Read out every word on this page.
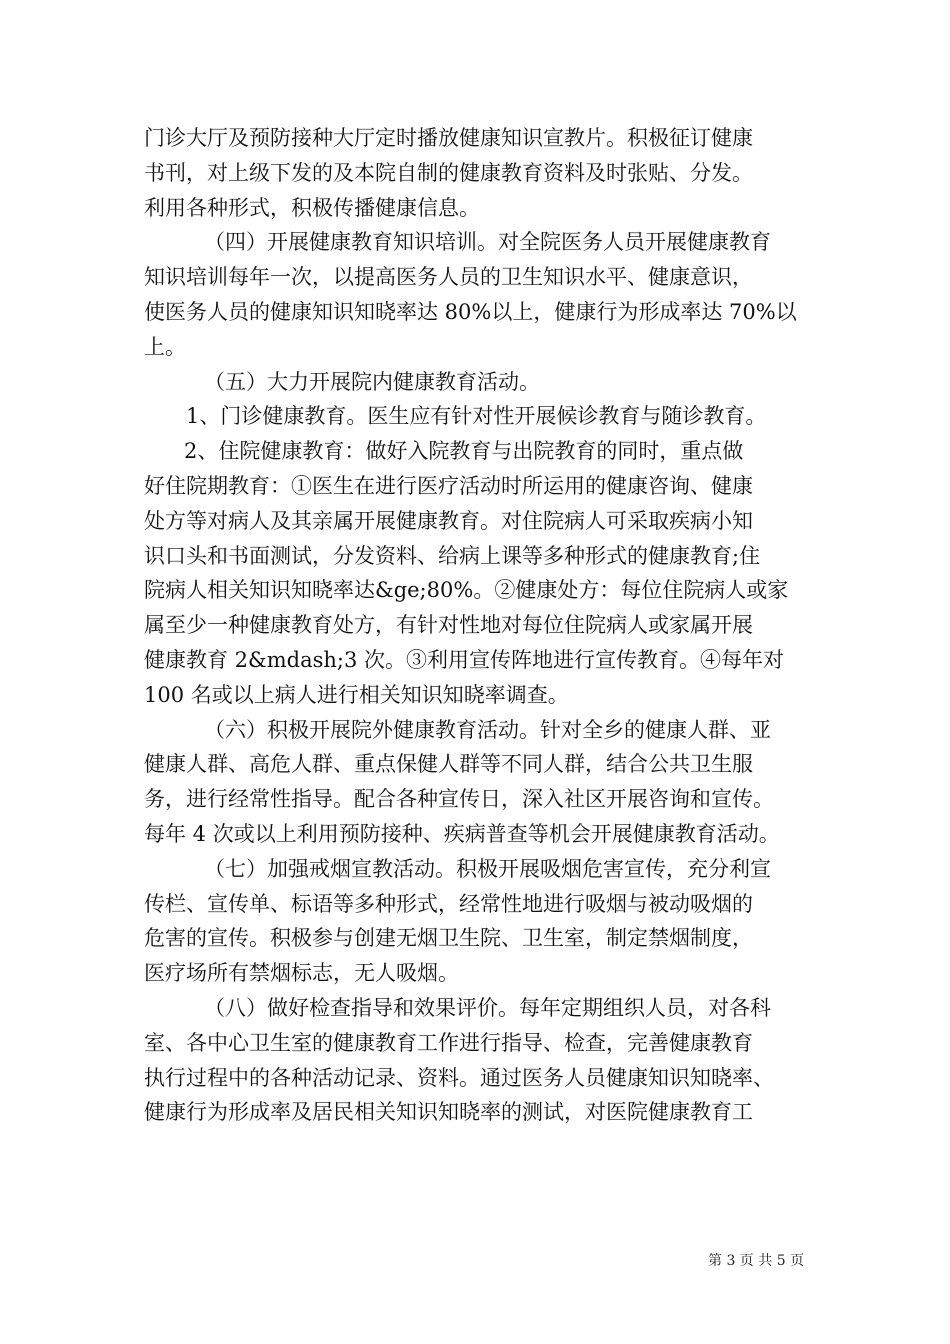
门诊大厅及预防接种大厅定时播放健康知识宣教片。积极征订健康
书刊，对上级下发的及本院自制的健康教育资料及时张贴、分发。
利用各种形式，积极传播健康信息。

（四）开展健康教育知识培训。对全院医务人员开展健康教育
知识培训每年一次，以提高医务人员的卫生知识水平、健康意识，
使医务人员的健康知识知晓率达 80%以上，健康行为形成率达 70%以
上。

（五）大力开展院内健康教育活动。

1、门诊健康教育。医生应有针对性开展候诊教育与随诊教育。

2、住院健康教育：做好入院教育与出院教育的同时，重点做
好住院期教育：①医生在进行医疗活动时所运用的健康咨询、健康
处方等对病人及其亲属开展健康教育。对住院病人可采取疾病小知
识口头和书面测试，分发资料、给病上课等多种形式的健康教育;住
院病人相关知识知晓率达&ge;80%。②健康处方：每位住院病人或家
属至少一种健康教育处方，有针对性地对每位住院病人或家属开展
健康教育 2&mdash;3 次。③利用宣传阵地进行宣传教育。④每年对
100 名或以上病人进行相关知识知晓率调查。

（六）积极开展院外健康教育活动。针对全乡的健康人群、亚
健康人群、高危人群、重点保健人群等不同人群，结合公共卫生服
务，进行经常性指导。配合各种宣传日，深入社区开展咨询和宣传。
每年 4 次或以上利用预防接种、疾病普查等机会开展健康教育活动。

（七）加强戒烟宣教活动。积极开展吸烟危害宣传，充分利宣
传栏、宣传单、标语等多种形式，经常性地进行吸烟与被动吸烟的
危害的宣传。积极参与创建无烟卫生院、卫生室，制定禁烟制度，
医疗场所有禁烟标志，无人吸烟。

（八）做好检查指导和效果评价。每年定期组织人员，对各科
室、各中心卫生室的健康教育工作进行指导、检查，完善健康教育
执行过程中的各种活动记录、资料。通过医务人员健康知识知晓率、
健康行为形成率及居民相关知识知晓率的测试，对医院健康教育工

第 3 页 共 5 页
